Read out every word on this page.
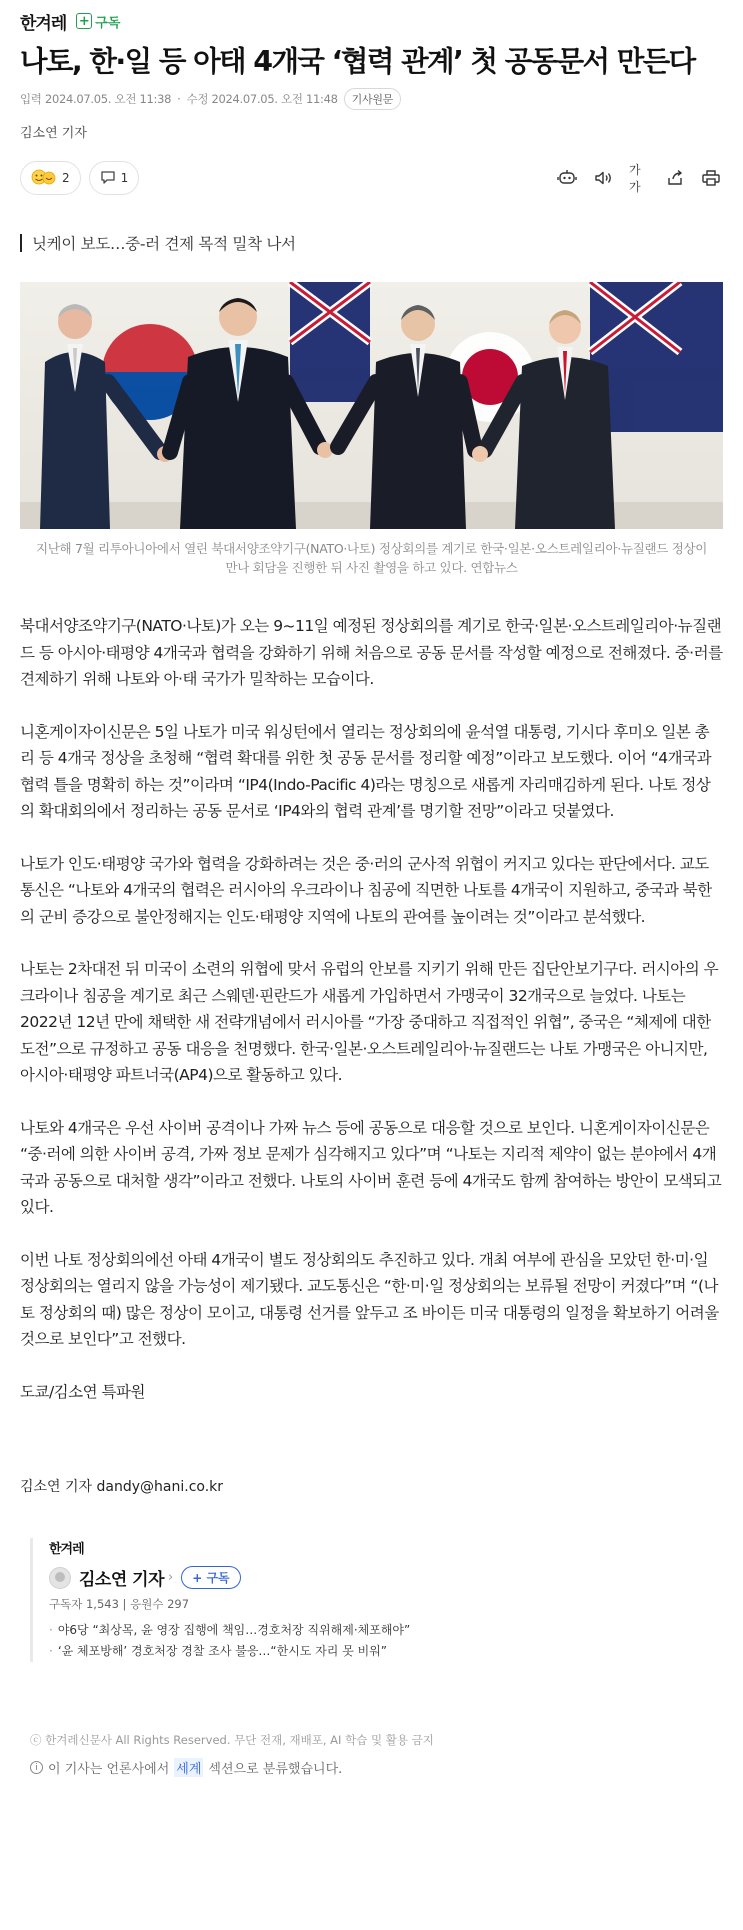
한겨레 + 구독
나토, 한·일 등 아태 4개국 ‘협력 관계’ 첫 공동문서 만든다
입력 2024.07.05. 오전 11:38 · 수정 2024.07.05. 오전 11:48	기사원문
김소연 기자
2	1
가가
닛케이 보도…중-러 견제 목적 밀착 나서

지난해 7월 리투아니아에서 열린 북대서양조약기구(NATO·나토) 정상회의를 계기로 한국·일본·오스트레일리아·뉴질랜드 정상이 만나 회담을 진행한 뒤 사진 촬영을 하고 있다. 연합뉴스

북대서양조약기구(NATO·나토)가 오는 9~11일 예정된 정상회의를 계기로 한국·일본·오스트레일리아·뉴질랜드 등 아시아·태평양 4개국과 협력을 강화하기 위해 처음으로 공동 문서를 작성할 예정으로 전해졌다. 중·러를 견제하기 위해 나토와 아·태 국가가 밀착하는 모습이다.

니혼게이자이신문은 5일 나토가 미국 워싱턴에서 열리는 정상회의에 윤석열 대통령, 기시다 후미오 일본 총리 등 4개국 정상을 초청해 “협력 확대를 위한 첫 공동 문서를 정리할 예정”이라고 보도했다. 이어 “4개국과 협력 틀을 명확히 하는 것”이라며 “IP4(Indo-Pacific 4)라는 명칭으로 새롭게 자리매김하게 된다. 나토 정상의 확대회의에서 정리하는 공동 문서로 ‘IP4와의 협력 관계’를 명기할 전망”이라고 덧붙였다.

나토가 인도·태평양 국가와 협력을 강화하려는 것은 중·러의 군사적 위협이 커지고 있다는 판단에서다. 교도통신은 “나토와 4개국의 협력은 러시아의 우크라이나 침공에 직면한 나토를 4개국이 지원하고, 중국과 북한의 군비 증강으로 불안정해지는 인도·태평양 지역에 나토의 관여를 높이려는 것”이라고 분석했다.

나토는 2차대전 뒤 미국이 소련의 위협에 맞서 유럽의 안보를 지키기 위해 만든 집단안보기구다. 러시아의 우크라이나 침공을 계기로 최근 스웨덴·핀란드가 새롭게 가입하면서 가맹국이 32개국으로 늘었다. 나토는 2022년 12년 만에 채택한 새 전략개념에서 러시아를 “가장 중대하고 직접적인 위협”, 중국은 “체제에 대한 도전”으로 규정하고 공동 대응을 천명했다. 한국·일본·오스트레일리아·뉴질랜드는 나토 가맹국은 아니지만, 아시아·태평양 파트너국(AP4)으로 활동하고 있다.

나토와 4개국은 우선 사이버 공격이나 가짜 뉴스 등에 공동으로 대응할 것으로 보인다. 니혼게이자이신문은 “중·러에 의한 사이버 공격, 가짜 정보 문제가 심각해지고 있다”며 “나토는 지리적 제약이 없는 분야에서 4개국과 공동으로 대처할 생각”이라고 전했다. 나토의 사이버 훈련 등에 4개국도 함께 참여하는 방안이 모색되고 있다.

이번 나토 정상회의에선 아태 4개국이 별도 정상회의도 추진하고 있다. 개최 여부에 관심을 모았던 한·미·일 정상회의는 열리지 않을 가능성이 제기됐다. 교도통신은 “한·미·일 정상회의는 보류될 전망이 커졌다”며 “(나토 정상회의 때) 많은 정상이 모이고, 대통령 선거를 앞두고 조 바이든 미국 대통령의 일정을 확보하기 어려울 것으로 보인다”고 전했다.

도쿄/김소연 특파원

김소연 기자 dandy@hani.co.kr
한겨레
김소연 기자 ›	+ 구독
구독자 1,543 | 응원수 297
· 야6당 “최상목, 윤 영장 집행에 책임…경호처장 직위해제·체포해야”
· ‘윤 체포방해’ 경호처장 경찰 조사 불응…“한시도 자리 못 비워”
ⓒ 한겨레신문사 All Rights Reserved. 무단 전재, 재배포, AI 학습 및 활용 금지
i 이 기사는 언론사에서 세계 섹션으로 분류했습니다.
